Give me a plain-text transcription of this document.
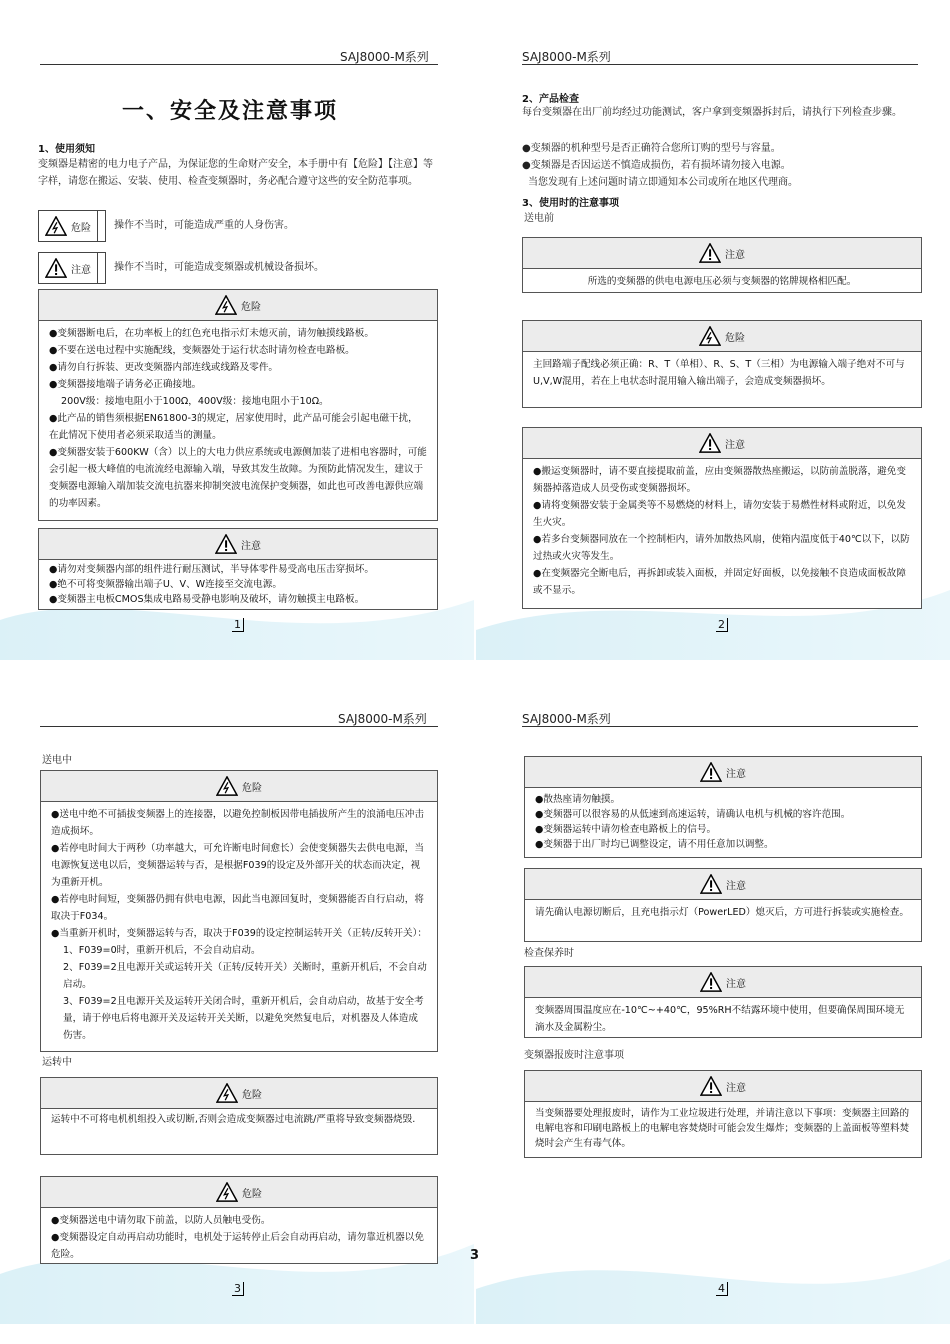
SAJ8000-M系列
一、安全及注意事项
1、使用须知
变频器是精密的电力电子产品，为保证您的生命财产安全，本手册中有【危险】【注意】等字样，请您在搬运、安装、使用、检查变频器时，务必配合遵守这些的安全防范事项。
危险 操作不当时，可能造成严重的人身伤害。
注意 操作不当时，可能造成变频器或机械设备损坏。
危险

●变频器断电后，在功率板上的红色充电指示灯未熄灭前，请勿触摸线路板。

●不要在送电过程中实施配线，变频器处于运行状态时请勿检查电路板。

●请勿自行拆装、更改变频器内部连线或线路及零件。

●变频器接地端子请务必正确接地。

200V级：接地电阻小于100Ω，400V级：接地电阻小于10Ω。

●此产品的销售须根据EN61800-3的规定，居家使用时，此产品可能会引起电磁干扰，在此情况下使用者必须采取适当的测量。

●变频器安装于600KW（含）以上的大电力供应系统或电源侧加装了进相电容器时，可能会引起一极大峰值的电流流经电源输入端，导致其发生故障。为预防此情况发生，建议于变频器电源输入端加装交流电抗器来抑制突波电流保护变频器，如此也可改善电源供应端的功率因素。

注意

●请勿对变频器内部的组件进行耐压测试，半导体零件易受高电压击穿损坏。

●绝不可将变频器输出端子U、V、W连接至交流电源。

●变频器主电板CMOS集成电路易受静电影响及破坏，请勿触摸主电路板。

1
SAJ8000-M系列
2、产品检查
每台变频器在出厂前均经过功能测试，客户拿到变频器拆封后，请执行下列检查步骤。
●变频器的机种型号是否正确符合您所订购的型号与容量。
●变频器是否因运送不慎造成损伤，若有损坏请勿接入电源。
当您发现有上述问题时请立即通知本公司或所在地区代理商。
3、使用时的注意事项
送电前
注意

所选的变频器的供电电源电压必须与变频器的铭牌规格相匹配。

危险

主回路端子配线必须正确：R、T（单相）、R、S、T（三相）为电源输入端子绝对不可与U,V,W混用，若在上电状态时混用输入输出端子，会造成变频器损坏。

注意

●搬运变频器时，请不要直接提取前盖，应由变频器散热座搬运，以防前盖脱落，避免变频器掉落造成人员受伤或变频器损坏。

●请将变频器安装于金属类等不易燃烧的材料上，请勿安装于易燃性材料或附近，以免发生火灾。

●若多台变频器同放在一个控制柜内，请外加散热风扇，使箱内温度低于40℃以下，以防过热或火灾等发生。

●在变频器完全断电后，再拆卸或装入面板，并固定好面板，以免接触不良造成面板故障或不显示。

2
SAJ8000-M系列
送电中
危险

●送电中绝不可插拔变频器上的连接器，以避免控制板因带电插拔所产生的浪涌电压冲击造成损坏。

●若停电时间大于两秒（功率越大，可允许断电时间愈长）会使变频器失去供电电源，当电源恢复送电以后，变频器运转与否，是根据F039的设定及外部开关的状态而决定，视为重新开机。

●若停电时间短，变频器仍拥有供电电源，因此当电源回复时，变频器能否自行启动，将取决于F034。

●当重新开机时，变频器运转与否，取决于F039的设定控制运转开关（正转/反转开关）：

1、F039=0时，重新开机后，不会自动启动。

2、F039=2且电源开关或运转开关（正转/反转开关）关断时，重新开机后，不会自动启动。

3、F039=2且电源开关及运转开关闭合时，重新开机后，会自动启动，故基于安全考量，请于停电后将电源开关及运转开关关断，以避免突然复电后，对机器及人体造成伤害。

运转中
危险

运转中不可将电机机组投入或切断,否则会造成变频器过电流跳/严重将导致变频器烧毁.

危险

●变频器送电中请勿取下前盖，以防人员触电受伤。

●变频器设定自动再启动功能时，电机处于运转停止后会自动再启动，请勿靠近机器以免危险。

3
SAJ8000-M系列
注意

●散热座请勿触摸。

●变频器可以很容易的从低速到高速运转，请确认电机与机械的容许范围。

●变频器运转中请勿检查电路板上的信号。

●变频器于出厂时均已调整设定，请不用任意加以调整。

注意

请先确认电源切断后，且充电指示灯（PowerLED）熄灭后，方可进行拆装或实施检查。

检查保养时
注意

变频器周围温度应在-10℃~+40℃，95%RH不结露环境中使用，但要确保周围环境无滴水及金属粉尘。

变频器报废时注意事项
注意

当变频器要处理报废时，请作为工业垃圾进行处理，并请注意以下事项：变频器主回路的电解电容和印刷电路板上的电解电容焚烧时可能会发生爆炸；变频器的上盖面板等塑料焚烧时会产生有毒气体。

4
3
